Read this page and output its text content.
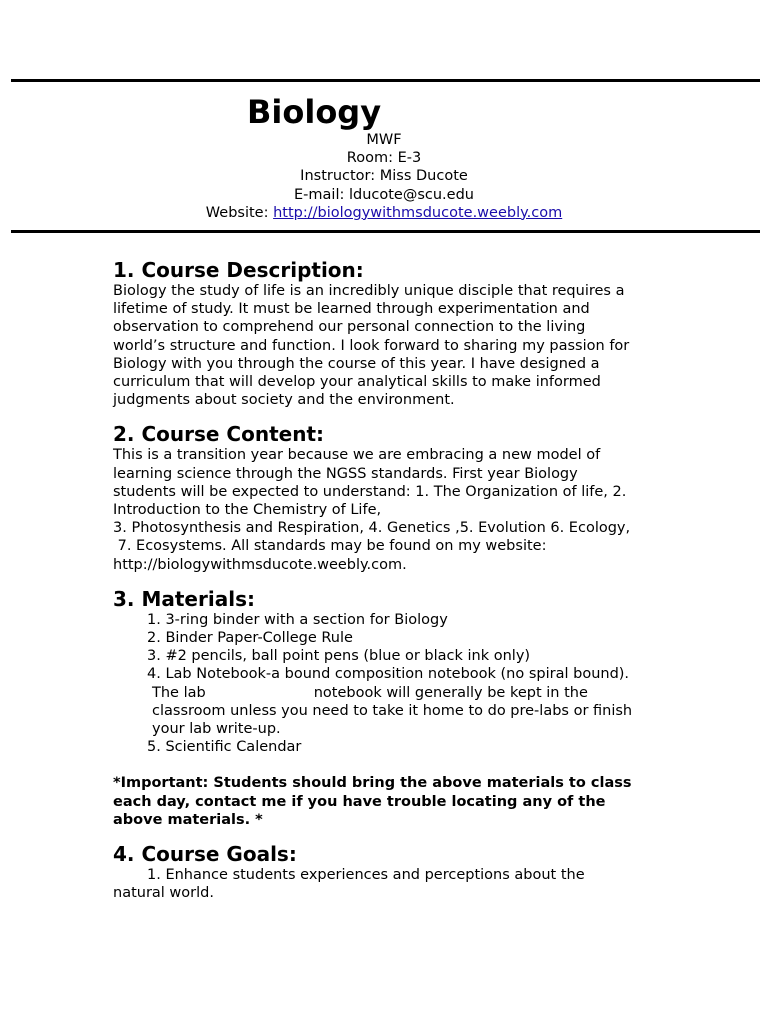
Biology
MWF
Room: E-3
Instructor: Miss Ducote
E-mail: lducote@scu.edu
Website: http://biologywithmsducote.weebly.com
1. Course Description:
Biology the study of life is an incredibly unique disciple that requires a
lifetime of study. It must be learned through experimentation and
observation to comprehend our personal connection to the living
world’s structure and function. I look forward to sharing my passion for
Biology with you through the course of this year. I have designed a
curriculum that will develop your analytical skills to make informed
judgments about society and the environment.
2. Course Content:
This is a transition year because we are embracing a new model of
learning science through the NGSS standards. First year Biology
students will be expected to understand: 1. The Organization of life, 2.
Introduction to the Chemistry of Life,
3. Photosynthesis and Respiration, 4. Genetics ,5. Evolution 6. Ecology,
7. Ecosystems. All standards may be found on my website:
http://biologywithmsducote.weebly.com.
3. Materials:
1. 3-ring binder with a section for Biology
2. Binder Paper-College Rule
3. #2 pencils, ball point pens (blue or black ink only)
4. Lab Notebook-a bound composition notebook (no spiral bound).
The lab	notebook will generally be kept in the
classroom unless you need to take it home to do pre-labs or finish
your lab write-up.
5. Scientific Calendar
*Important: Students should bring the above materials to class
each day, contact me if you have trouble locating any of the
above materials. *
4. Course Goals:
1. Enhance students experiences and perceptions about the
natural world.
